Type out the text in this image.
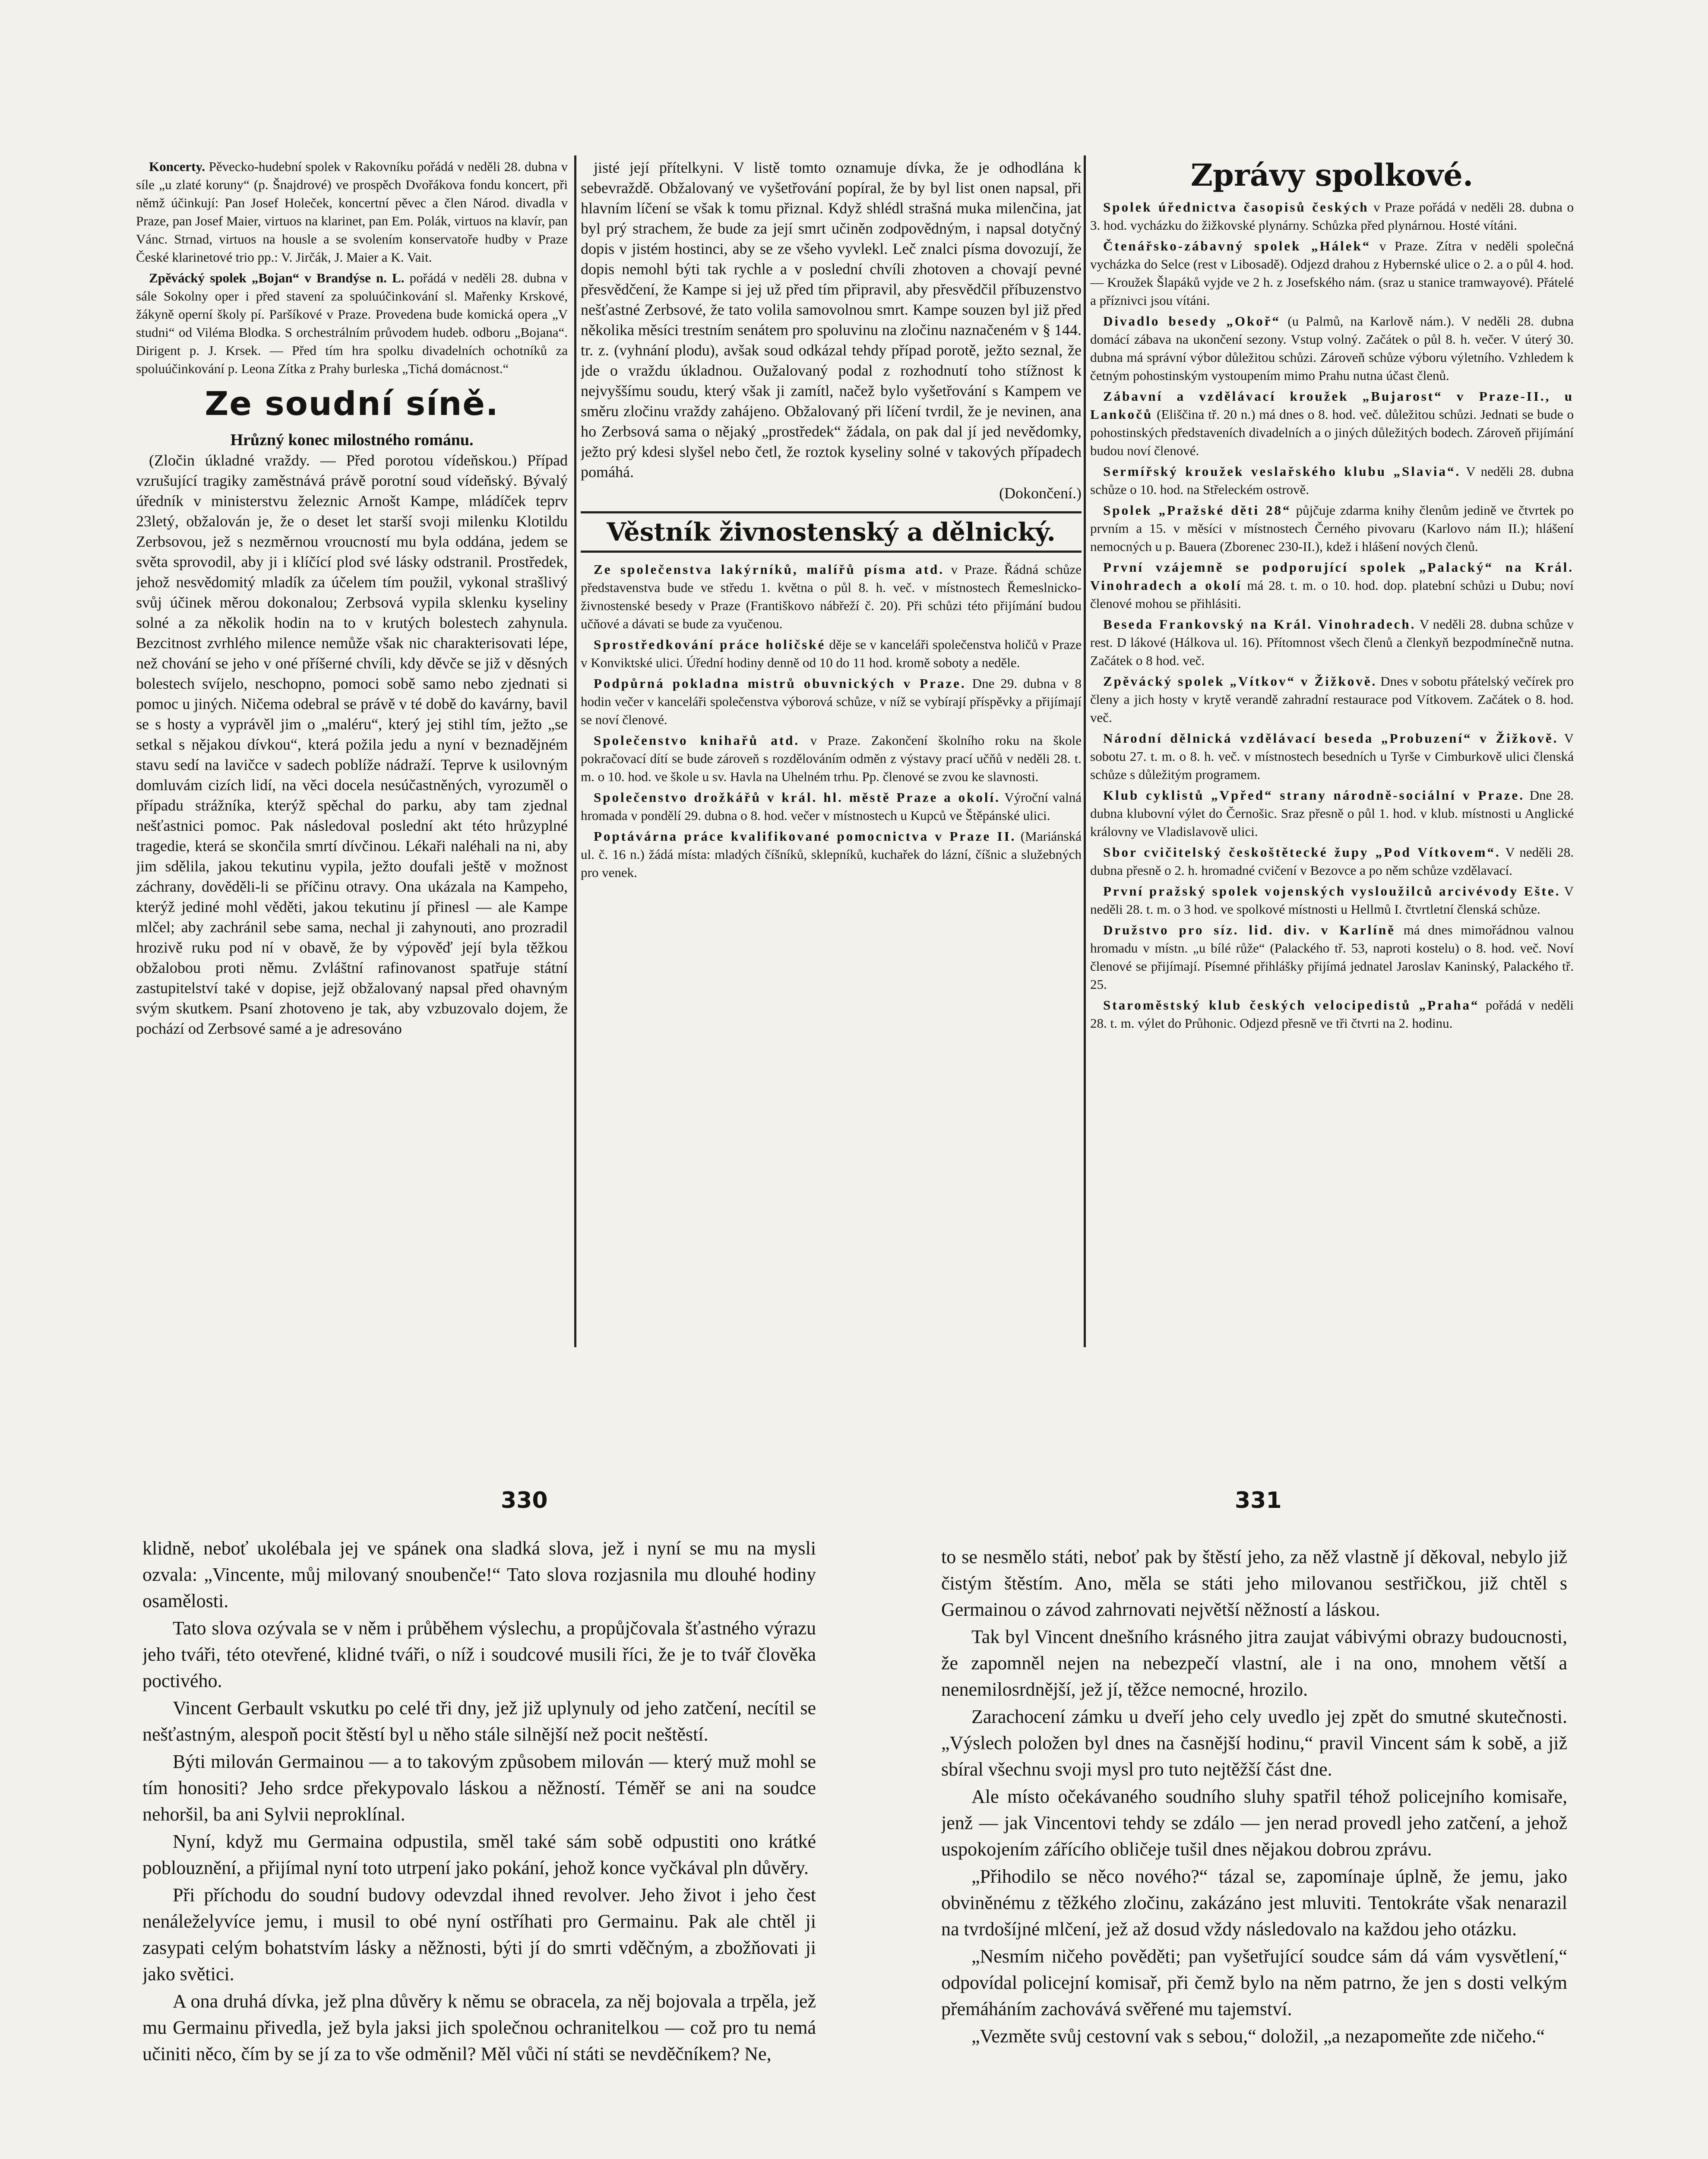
Koncerty. Pěvecko-hudební spolek v Rakovníku pořádá v neděli 28. dubna v síle „u zlaté koruny“ (p. Šnajdrové) ve prospěch Dvořákova fondu koncert, při němž účinkují: Pan Josef Holeček, koncertní pěvec a člen Národ. divadla v Praze, pan Josef Maier, virtuos na klarinet, pan Em. Polák, virtuos na klavír, pan Vánc. Strnad, virtuos na housle a se svolením konservatoře hudby v Praze České klarinetové trio pp.: V. Jirčák, J. Maier a K. Vait.

Zpěvácký spolek „Bojan“ v Brandýse n. L. pořádá v neděli 28. dubna v sále Sokolny oper i před stavení za spoluúčinkování sl. Mařenky Krskové, žákyně operní školy pí. Paršíkové v Praze. Provedena bude komická opera „V studni“ od Viléma Blodka. S orchestrálním průvodem hudeb. odboru „Bojana“. Dirigent p. J. Krsek. — Před tím hra spolku divadelních ochotníků za spoluúčinkování p. Leona Zítka z Prahy burleska „Tichá domácnost.“

Ze soudní síně.
Hrůzný konec milostného románu.

(Zločin úkladné vraždy. — Před porotou vídeňskou.) Případ vzrušující tragiky zaměstnává právě porotní soud vídeňský. Bývalý úředník v ministerstvu železnic Arnošt Kampe, mládíček teprv 23letý, obžalován je, že o deset let starší svoji milenku Klotildu Zerbsovou, jež s nezměrnou vroucností mu byla oddána, jedem se světa sprovodil, aby ji i klíčící plod své lásky odstranil. Prostředek, jehož nesvědomitý mladík za účelem tím použil, vykonal strašlivý svůj účinek měrou dokonalou; Zerbsová vypila sklenku kyseliny solné a za několik hodin na to v krutých bolestech zahynula. Bezcitnost zvrhlého milence nemůže však nic charakterisovati lépe, než chování se jeho v oné příšerné chvíli, kdy děvče se již v děsných bolestech svíjelo, neschopno, pomoci sobě samo nebo zjednati si pomoc u jiných. Ničema odebral se právě v té době do kavárny, bavil se s hosty a vyprávěl jim o „maléru“, který jej stihl tím, ježto „se setkal s nějakou dívkou“, která požila jedu a nyní v beznadějném stavu sedí na lavičce v sadech poblíže nádraží. Teprve k usilovným domluvám cizích lidí, na věci docela nesúčastněných, vyrozuměl o případu strážníka, kterýž spěchal do parku, aby tam zjednal nešťastnici pomoc. Pak následoval poslední akt této hrůzyplné tragedie, která se skončila smrtí dívčinou. Lékaři naléhali na ni, aby jim sdělila, jakou tekutinu vypila, ježto doufali ještě v možnost záchrany, dověděli-li se příčinu otravy. Ona ukázala na Kampeho, kterýž jediné mohl věděti, jakou tekutinu jí přinesl — ale Kampe mlčel; aby zachránil sebe sama, nechal ji zahynouti, ano prozradil hrozivě ruku pod ní v obavě, že by výpověď její byla těžkou obžalobou proti němu. Zvláštní rafinovanost spatřuje státní zastupitelství také v dopise, jejž obžalovaný napsal před ohavným svým skutkem. Psaní zhotoveno je tak, aby vzbuzovalo dojem, že pochází od Zerbsové samé a je adresováno

jisté její přítelkyni. V listě tomto oznamuje dívka, že je odhodlána k sebevraždě. Obžalovaný ve vyšetřování popíral, že by byl list onen napsal, při hlavním líčení se však k tomu přiznal. Když shlédl strašná muka milenčina, jat byl prý strachem, že bude za její smrt učiněn zodpovědným, i napsal dotyčný dopis v jistém hostinci, aby se ze všeho vyvlekl. Leč znalci písma dovozují, že dopis nemohl býti tak rychle a v poslední chvíli zhotoven a chovají pevné přesvědčení, že Kampe si jej už před tím připravil, aby přesvědčil příbuzenstvo nešťastné Zerbsové, že tato volila samovolnou smrt. Kampe souzen byl již před několika měsíci trestním senátem pro spoluvinu na zločinu naznačeném v § 144. tr. z. (vyhnání plodu), avšak soud odkázal tehdy případ porotě, ježto seznal, že jde o vraždu úkladnou. Oužalovaný podal z rozhodnutí toho stížnost k nejvyššímu soudu, který však ji zamítl, načež bylo vyšetřování s Kampem ve směru zločinu vraždy zahájeno. Obžalovaný při líčení tvrdil, že je nevinen, ana ho Zerbsová sama o nějaký „prostředek“ žádala, on pak dal jí jed nevědomky, ježto prý kdesi slyšel nebo četl, že roztok kyseliny solné v takových případech pomáhá.

(Dokončení.)
Věstník živnostenský a dělnický.

Ze společenstva lakýrníků, malířů písma atd. v Praze. Řádná schůze představenstva bude ve středu 1. května o půl 8. h. več. v místnostech Řemeslnicko-živnostenské besedy v Praze (Františkovo nábřeží č. 20). Při schůzi této přijímání budou učňové a dávati se bude za vyučenou.

Sprostředkování práce holičské děje se v kanceláři společenstva holičů v Praze v Konviktské ulici. Úřední hodiny denně od 10 do 11 hod. kromě soboty a neděle.

Podpůrná pokladna mistrů obuvnických v Praze. Dne 29. dubna v 8 hodin večer v kanceláři společenstva výborová schůze, v níž se vybírají příspěvky a přijímají se noví členové.

Společenstvo knihařů atd. v Praze. Zakončení školního roku na škole pokračovací dítí se bude zároveň s rozdělováním odměn z výstavy prací učňů v neděli 28. t. m. o 10. hod. ve škole u sv. Havla na Uhelném trhu. Pp. členové se zvou ke slavnosti.

Společenstvo drožkářů v král. hl. městě Praze a okolí. Výroční valná hromada v pondělí 29. dubna o 8. hod. večer v místnostech u Kupců ve Štěpánské ulici.

Poptávárna práce kvalifikované pomocnictva v Praze II. (Mariánská ul. č. 16 n.) žádá místa: mladých číšníků, sklepníků, kuchařek do lázní, číšnic a služebných pro venek.

Zprávy spolkové.

Spolek úřednictva časopisů českých v Praze pořádá v neděli 28. dubna o 3. hod. vycházku do žižkovské plynárny. Schůzka před plynárnou. Hosté vítáni.

Čtenářsko-zábavný spolek „Hálek“ v Praze. Zítra v neděli společná vycházka do Selce (rest v Libosadě). Odjezd drahou z Hybernské ulice o 2. a o půl 4. hod. — Kroužek Šlapáků vyjde ve 2 h. z Josefského nám. (sraz u stanice tramwayové). Přátelé a příznivci jsou vítáni.

Divadlo besedy „Okoř“ (u Palmů, na Karlově nám.). V neděli 28. dubna domácí zábava na ukončení sezony. Vstup volný. Začátek o půl 8. h. večer. V úterý 30. dubna má správní výbor důležitou schůzi. Zároveň schůze výboru výletního. Vzhledem k četným pohostinským vystoupením mimo Prahu nutna účast členů.

Zábavní a vzdělávací kroužek „Bujarost“ v Praze-II., u Lankočů (Eliščina tř. 20 n.) má dnes o 8. hod. več. důležitou schůzi. Jednati se bude o pohostinských představeních divadelních a o jiných důležitých bodech. Zároveň přijímání budou noví členové.

Sermířský kroužek veslařského klubu „Slavia“. V neděli 28. dubna schůze o 10. hod. na Střeleckém ostrově.

Spolek „Pražské děti 28“ půjčuje zdarma knihy členům jedině ve čtvrtek po prvním a 15. v měsíci v místnostech Černého pivovaru (Karlovo nám II.); hlášení nemocných u p. Bauera (Zborenec 230-II.), kdež i hlášení nových členů.

První vzájemně se podporující spolek „Palacký“ na Král. Vinohradech a okolí má 28. t. m. o 10. hod. dop. platební schůzi u Dubu; noví členové mohou se přihlásiti.

Beseda Frankovský na Král. Vinohradech. V neděli 28. dubna schůze v rest. D lákové (Hálkova ul. 16). Přítomnost všech členů a členkyň bezpodmínečně nutna. Začátek o 8 hod. več.

Zpěvácký spolek „Vítkov“ v Žižkově. Dnes v sobotu přátelský večírek pro členy a jich hosty v krytě verandě zahradní restaurace pod Vítkovem. Začátek o 8. hod. več.

Národní dělnická vzdělávací beseda „Probuzení“ v Žižkově. V sobotu 27. t. m. o 8. h. več. v místnostech besedních u Tyrše v Cimburkově ulici členská schůze s důležitým programem.

Klub cyklistů „Vpřed“ strany národně-sociální v Praze. Dne 28. dubna klubovní výlet do Černošic. Sraz přesně o půl 1. hod. v klub. místnosti u Anglické královny ve Vladislavově ulici.

Sbor cvičitelský českoštětecké župy „Pod Vítkovem“. V neděli 28. dubna přesně o 2. h. hromadné cvičení v Bezovce a po něm schůze vzdělavací.

První pražský spolek vojenských vysloužilců arcivévody Ešte. V neděli 28. t. m. o 3 hod. ve spolkové místnosti u Hellmů I. čtvrtletní členská schůze.

Družstvo pro síz. lid. div. v Karlíně má dnes mimořádnou valnou hromadu v místn. „u bílé růže“ (Palackého tř. 53, naproti kostelu) o 8. hod. več. Noví členové se přijímají. Písemné přihlášky přijímá jednatel Jaroslav Kaninský, Palackého tř. 25.

Staroměstský klub českých velocipedistů „Praha“ pořádá v neděli 28. t. m. výlet do Průhonic. Odjezd přesně ve tři čtvrti na 2. hodinu.

330	331

klidně, neboť ukolébala jej ve spánek ona sladká slova, jež i nyní se mu na mysli ozvala: „Vincente, můj milovaný snoubenče!“ Tato slova rozjasnila mu dlouhé hodiny osamělosti.

Tato slova ozývala se v něm i průběhem výslechu, a propůjčovala šťastného výrazu jeho tváři, této otevřené, klidné tváři, o níž i soudcové musili říci, že je to tvář člověka poctivého.

Vincent Gerbault vskutku po celé tři dny, jež již uplynuly od jeho zatčení, necítil se nešťastným, alespoň pocit štěstí byl u něho stále silnější než pocit neštěstí.

Býti milován Germainou — a to takovým způsobem milován — který muž mohl se tím honositi? Jeho srdce překypovalo láskou a něžností. Téměř se ani na soudce nehoršil, ba ani Sylvii neproklínal.

Nyní, když mu Germaina odpustila, směl také sám sobě odpustiti ono krátké poblouznění, a přijímal nyní toto utrpení jako pokání, jehož konce vyčkával pln důvěry.

Při příchodu do soudní budovy odevzdal ihned revolver. Jeho život i jeho čest nenáleželyvíce jemu, i musil to obé nyní ostříhati pro Germainu. Pak ale chtěl ji zasypati celým bohatstvím lásky a něžnosti, býti jí do smrti vděčným, a zbožňovati ji jako světici.

A ona druhá dívka, jež plna důvěry k němu se obracela, za něj bojovala a trpěla, jež mu Germainu přivedla, jež byla jaksi jich společnou ochranitelkou — což pro tu nemá učiniti něco, čím by se jí za to vše odměnil? Měl vůči ní státi se nevděčníkem? Ne,

to se nesmělo státi, neboť pak by štěstí jeho, za něž vlastně jí děkoval, nebylo již čistým štěstím. Ano, měla se státi jeho milovanou sestřičkou, již chtěl s Germainou o závod zahrnovati největší něžností a láskou.

Tak byl Vincent dnešního krásného jitra zaujat vábivými obrazy budoucnosti, že zapomněl nejen na nebezpečí vlastní, ale i na ono, mnohem větší a nenemilosrdnější, jež jí, těžce nemocné, hrozilo.

Zarachocení zámku u dveří jeho cely uvedlo jej zpět do smutné skutečnosti. „Výslech položen byl dnes na časnější hodinu,“ pravil Vincent sám k sobě, a již sbíral všechnu svoji mysl pro tuto nejtěžší část dne.

Ale místo očekávaného soudního sluhy spatřil téhož policejního komisaře, jenž — jak Vincentovi tehdy se zdálo — jen nerad provedl jeho zatčení, a jehož uspokojením zářícího obličeje tušil dnes nějakou dobrou zprávu.

„Přihodilo se něco nového?“ tázal se, zapomínaje úplně, že jemu, jako obviněnému z těžkého zločinu, zakázáno jest mluviti. Tentokráte však nenarazil na tvrdošíjné mlčení, jež až dosud vždy následovalo na každou jeho otázku.

„Nesmím ničeho pověděti; pan vyšetřující soudce sám dá vám vysvětlení,“ odpovídal policejní komisař, při čemž bylo na něm patrno, že jen s dosti velkým přemáháním zachovává svěřené mu tajemství.

„Vezměte svůj cestovní vak s sebou,“ doložil, „a nezapomeňte zde ničeho.“
